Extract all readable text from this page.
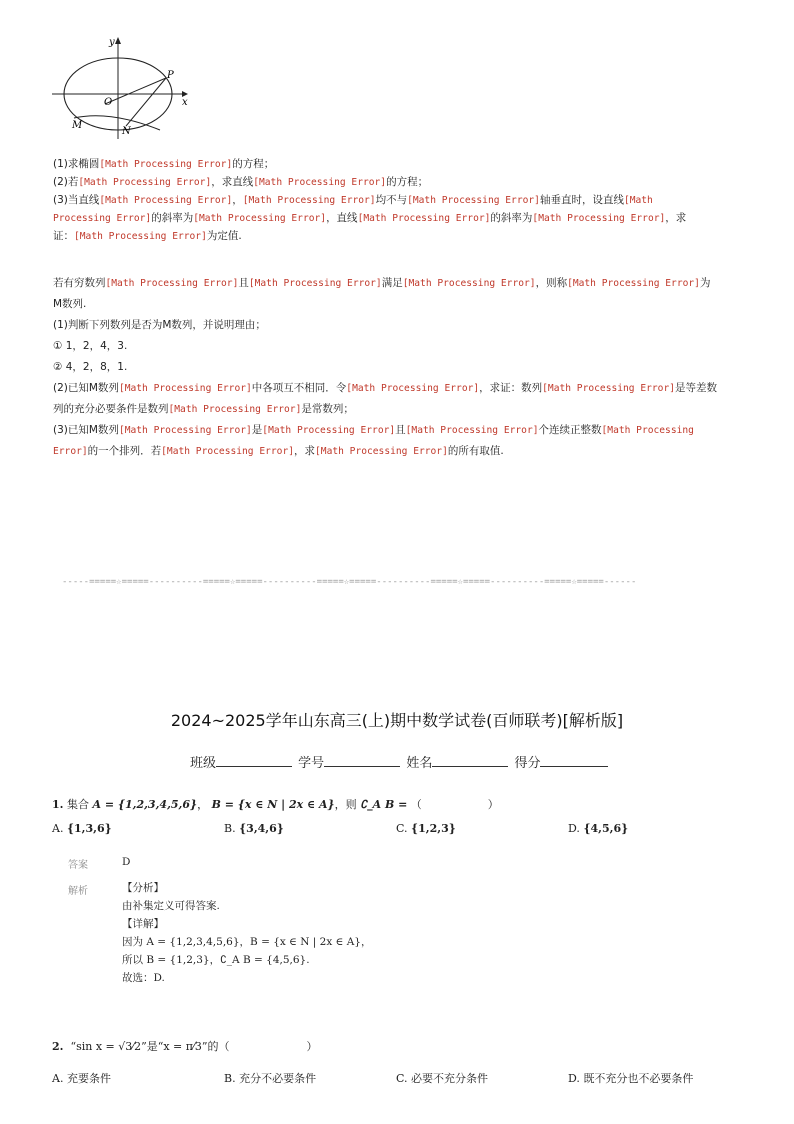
y
x
O
P
M
N
(1)求椭圆[Math Processing Error]的方程；
(2)若[Math Processing Error]，求直线[Math Processing Error]的方程；
(3)当直线[Math Processing Error]，[Math Processing Error]均不与[Math Processing Error]轴垂直时，设直线[Math
Processing Error]的斜率为[Math Processing Error]，直线[Math Processing Error]的斜率为[Math Processing Error]，求
证：[Math Processing Error]为定值.
若有穷数列[Math Processing Error]且[Math Processing Error]满足[Math Processing Error]，则称[Math Processing Error]为
M数列.
(1)判断下列数列是否为M数列，并说明理由；
① 1，2，4，3.
② 4，2，8，1.
(2)已知M数列[Math Processing Error]中各项互不相同．令[Math Processing Error]，求证：数列[Math Processing Error]是等差数
列的充分必要条件是数列[Math Processing Error]是常数列；
(3)已知M数列[Math Processing Error]是[Math Processing Error]且[Math Processing Error]个连续正整数[Math Processing
Error]的一个排列．若[Math Processing Error]，求[Math Processing Error]的所有取值.
-----=====☆=====----------=====☆=====----------=====☆=====----------=====☆=====----------=====☆=====------
2024~2025学年山东高三(上)期中数学试卷(百师联考)[解析版]
班级	学号	姓名	得分
1. 集合 A = {1,2,3,4,5,6}， B = {x ∈ N | 2x ∈ A}，则 ∁_A B = （　　　　　　）
A. {1,3,6}	B. {3,4,6}	C. {1,2,3}	D. {4,5,6}
答案	D
解析	【分析】
由补集定义可得答案.
【详解】
因为 A = {1,2,3,4,5,6}，B = {x ∈ N | 2x ∈ A}，
所以 B = {1,2,3}，∁_A B = {4,5,6}.
故选：D.
2. “sin x = √3⁄2”是“x = π⁄3”的（　　　　　　　）
A. 充要条件	B. 充分不必要条件	C. 必要不充分条件	D. 既不充分也不必要条件
